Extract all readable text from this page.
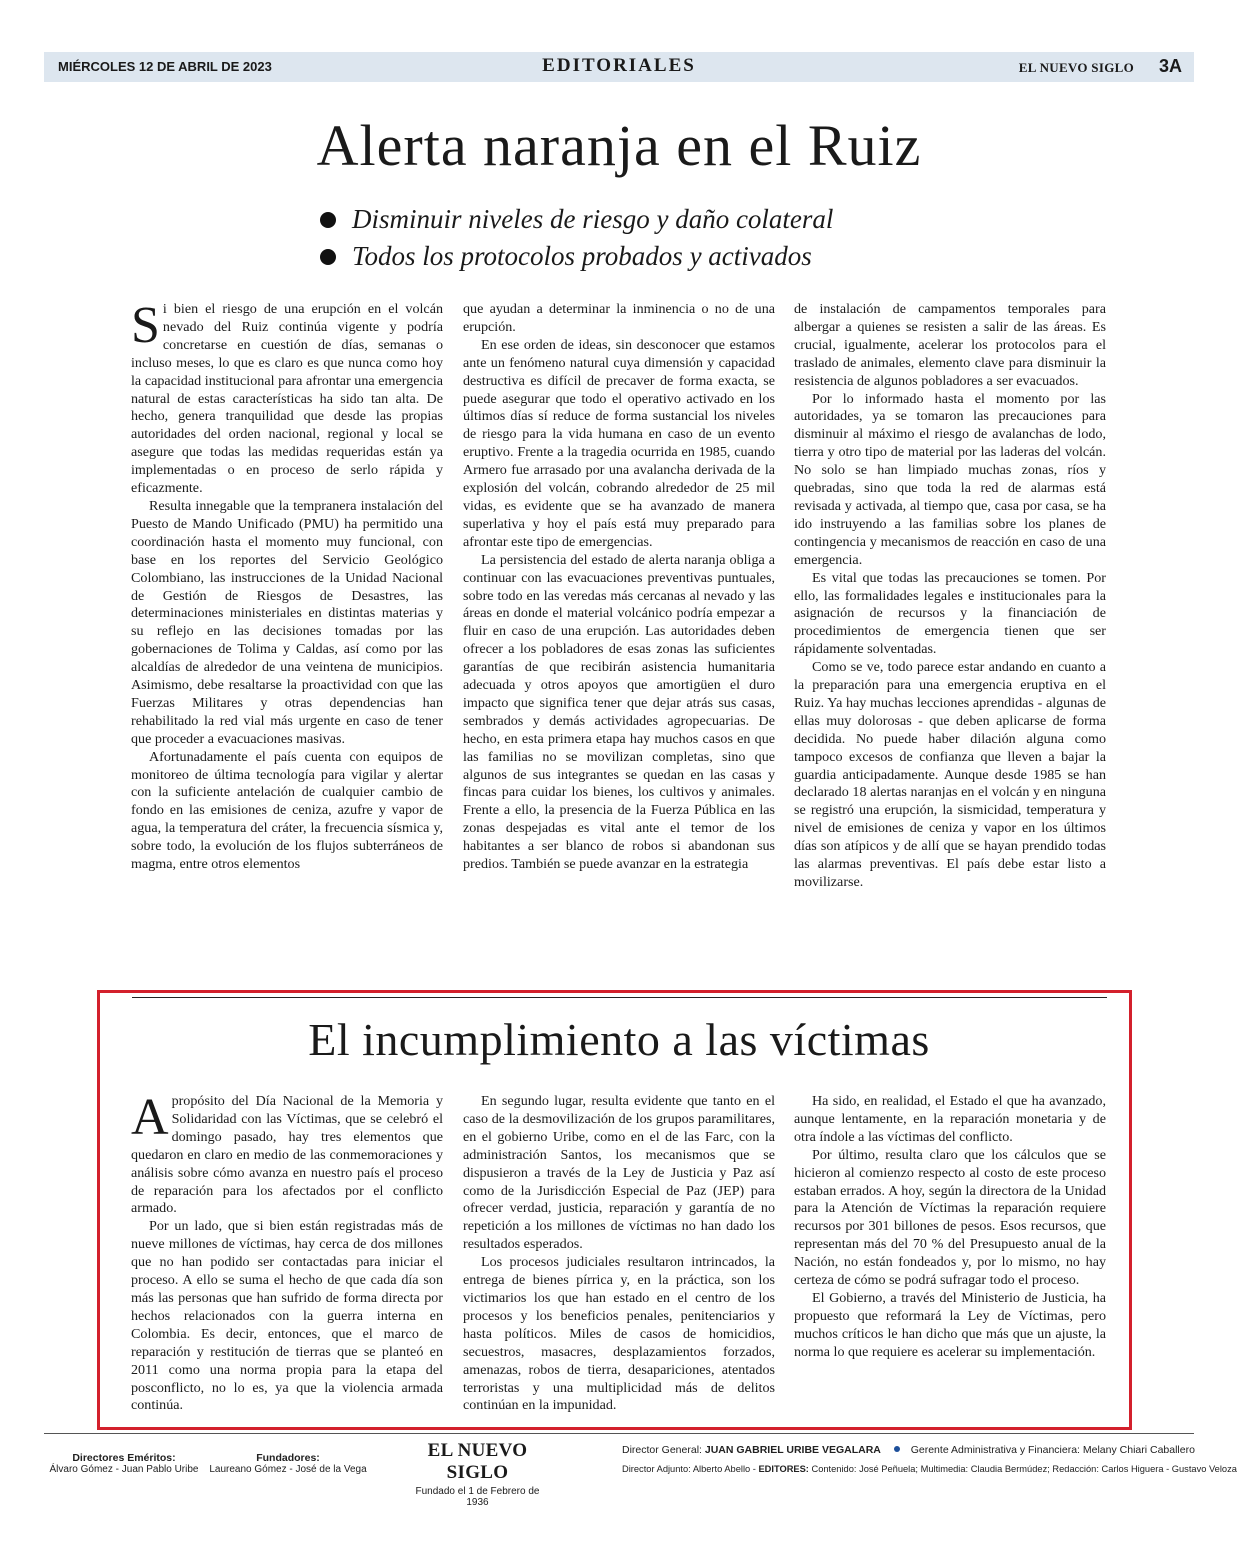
MIÉRCOLES 12 DE ABRIL DE 2023	EDITORIALES	EL NUEVO SIGLO 3A
Alerta naranja en el Ruiz
Disminuir niveles de riesgo y daño colateral
Todos los protocolos probados y activados

Si bien el riesgo de una erupción en el volcán nevado del Ruiz continúa vigente y podría concretarse en cuestión de días, semanas o incluso meses, lo que es claro es que nunca como hoy la capacidad institucional para afrontar una emergencia natural de estas características ha sido tan alta. De hecho, genera tranquilidad que desde las propias autoridades del orden nacional, regional y local se asegure que todas las medidas requeridas están ya implementadas o en proceso de serlo rápida y eficazmente.

Resulta innegable que la tempranera instalación del Puesto de Mando Unificado (PMU) ha permitido una coordinación hasta el momento muy funcional, con base en los reportes del Servicio Geológico Colombiano, las instrucciones de la Unidad Nacional de Gestión de Riesgos de Desastres, las determinaciones ministeriales en distintas materias y su reflejo en las decisiones tomadas por las gobernaciones de Tolima y Caldas, así como por las alcaldías de alrededor de una veintena de municipios. Asimismo, debe resaltarse la proactividad con que las Fuerzas Militares y otras dependencias han rehabilitado la red vial más urgente en caso de tener que proceder a evacuaciones masivas.

Afortunadamente el país cuenta con equipos de monitoreo de última tecnología para vigilar y alertar con la suficiente antelación de cualquier cambio de fondo en las emisiones de ceniza, azufre y vapor de agua, la temperatura del cráter, la frecuencia sísmica y, sobre todo, la evolución de los flujos subterráneos de magma, entre otros elementos

que ayudan a determinar la inminencia o no de una erupción.

En ese orden de ideas, sin desconocer que estamos ante un fenómeno natural cuya dimensión y capacidad destructiva es difícil de precaver de forma exacta, se puede asegurar que todo el operativo activado en los últimos días sí reduce de forma sustancial los niveles de riesgo para la vida humana en caso de un evento eruptivo. Frente a la tragedia ocurrida en 1985, cuando Armero fue arrasado por una avalancha derivada de la explosión del volcán, cobrando alrededor de 25 mil vidas, es evidente que se ha avanzado de manera superlativa y hoy el país está muy preparado para afrontar este tipo de emergencias.

La persistencia del estado de alerta naranja obliga a continuar con las evacuaciones preventivas puntuales, sobre todo en las veredas más cercanas al nevado y las áreas en donde el material volcánico podría empezar a fluir en caso de una erupción. Las autoridades deben ofrecer a los pobladores de esas zonas las suficientes garantías de que recibirán asistencia humanitaria adecuada y otros apoyos que amortigüen el duro impacto que significa tener que dejar atrás sus casas, sembrados y demás actividades agropecuarias. De hecho, en esta primera etapa hay muchos casos en que las familias no se movilizan completas, sino que algunos de sus integrantes se quedan en las casas y fincas para cuidar los bienes, los cultivos y animales. Frente a ello, la presencia de la Fuerza Pública en las zonas despejadas es vital ante el temor de los habitantes a ser blanco de robos si abandonan sus predios. También se puede avanzar en la estrategia

de instalación de campamentos temporales para albergar a quienes se resisten a salir de las áreas. Es crucial, igualmente, acelerar los protocolos para el traslado de animales, elemento clave para disminuir la resistencia de algunos pobladores a ser evacuados.

Por lo informado hasta el momento por las autoridades, ya se tomaron las precauciones para disminuir al máximo el riesgo de avalanchas de lodo, tierra y otro tipo de material por las laderas del volcán. No solo se han limpiado muchas zonas, ríos y quebradas, sino que toda la red de alarmas está revisada y activada, al tiempo que, casa por casa, se ha ido instruyendo a las familias sobre los planes de contingencia y mecanismos de reacción en caso de una emergencia.

Es vital que todas las precauciones se tomen. Por ello, las formalidades legales e institucionales para la asignación de recursos y la financiación de procedimientos de emergencia tienen que ser rápidamente solventadas.

Como se ve, todo parece estar andando en cuanto a la preparación para una emergencia eruptiva en el Ruiz. Ya hay muchas lecciones aprendidas - algunas de ellas muy dolorosas - que deben aplicarse de forma decidida. No puede haber dilación alguna como tampoco excesos de confianza que lleven a bajar la guardia anticipadamente. Aunque desde 1985 se han declarado 18 alertas naranjas en el volcán y en ninguna se registró una erupción, la sismicidad, temperatura y nivel de emisiones de ceniza y vapor en los últimos días son atípicos y de allí que se hayan prendido todas las alarmas preventivas. El país debe estar listo a movilizarse.

El incumplimiento a las víctimas

Apropósito del Día Nacional de la Memoria y Solidaridad con las Víctimas, que se celebró el domingo pasado, hay tres elementos que quedaron en claro en medio de las conmemoraciones y análisis sobre cómo avanza en nuestro país el proceso de reparación para los afectados por el conflicto armado.

Por un lado, que si bien están registradas más de nueve millones de víctimas, hay cerca de dos millones que no han podido ser contactadas para iniciar el proceso. A ello se suma el hecho de que cada día son más las personas que han sufrido de forma directa por hechos relacionados con la guerra interna en Colombia. Es decir, entonces, que el marco de reparación y restitución de tierras que se planteó en 2011 como una norma propia para la etapa del posconflicto, no lo es, ya que la violencia armada continúa.

En segundo lugar, resulta evidente que tanto en el caso de la desmovilización de los grupos paramilitares, en el gobierno Uribe, como en el de las Farc, con la administración Santos, los mecanismos que se dispusieron a través de la Ley de Justicia y Paz así como de la Jurisdicción Especial de Paz (JEP) para ofrecer verdad, justicia, reparación y garantía de no repetición a los millones de víctimas no han dado los resultados esperados.

Los procesos judiciales resultaron intrincados, la entrega de bienes pírrica y, en la práctica, son los victimarios los que han estado en el centro de los procesos y los beneficios penales, penitenciarios y hasta políticos. Miles de casos de homicidios, secuestros, masacres, desplazamientos forzados, amenazas, robos de tierra, desapariciones, atentados terroristas y una multiplicidad más de delitos continúan en la impunidad.

Ha sido, en realidad, el Estado el que ha avanzado, aunque lentamente, en la reparación monetaria y de otra índole a las víctimas del conflicto.

Por último, resulta claro que los cálculos que se hicieron al comienzo respecto al costo de este proceso estaban errados. A hoy, según la directora de la Unidad para la Atención de Víctimas la reparación requiere recursos por 301 billones de pesos. Esos recursos, que representan más del 70 % del Presupuesto anual de la Nación, no están fondeados y, por lo mismo, no hay certeza de cómo se podrá sufragar todo el proceso.

El Gobierno, a través del Ministerio de Justicia, ha propuesto que reformará la Ley de Víctimas, pero muchos críticos le han dicho que más que un ajuste, la norma lo que requiere es acelerar su implementación.

Directores Eméritos:
Álvaro Gómez - Juan Pablo Uribe
Fundadores:
Laureano Gómez - José de la Vega
EL NUEVO SIGLO
Fundado el 1 de Febrero de 1936
Director General: JUAN GABRIEL URIBE VEGALARA	Gerente Administrativa y Financiera: Melany Chiari Caballero
Director Adjunto: Alberto Abello - EDITORES: Contenido: José Peñuela; Multimedia: Claudia Bermúdez; Redacción: Carlos Higuera - Gustavo Veloza
